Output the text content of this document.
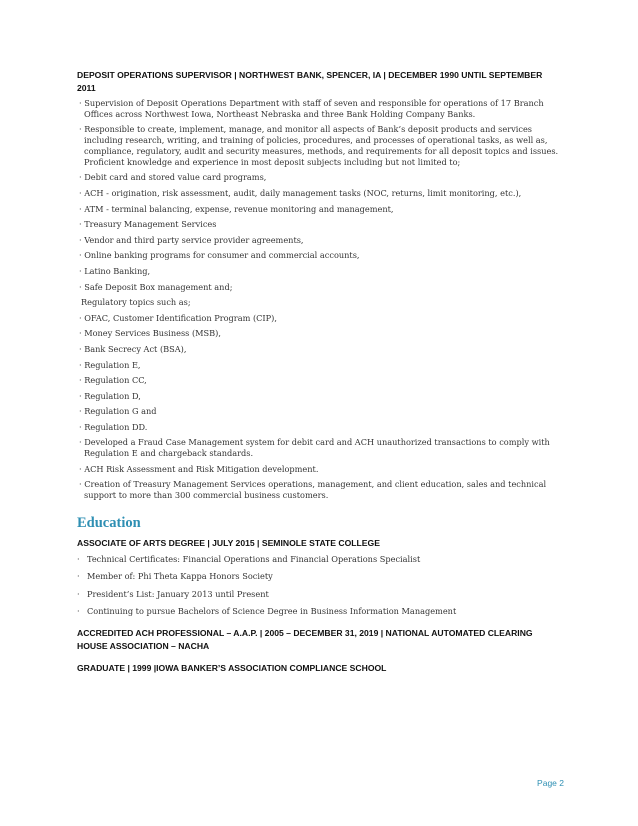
DEPOSIT OPERATIONS SUPERVISOR | NORTHWEST BANK, SPENCER, IA | DECEMBER 1990 UNTIL SEPTEMBER 2011
· Supervision of Deposit Operations Department with staff of seven and responsible for operations of 17 Branch Offices across Northwest Iowa, Northeast Nebraska and three Bank Holding Company Banks.
· Responsible to create, implement, manage, and monitor all aspects of Bank’s deposit products and services including research, writing, and training of policies, procedures, and processes of operational tasks, as well as, compliance, regulatory, audit and security measures, methods, and requirements for all deposit topics and issues. Proficient knowledge and experience in most deposit subjects including but not limited to;
· Debit card and stored value card programs,
· ACH - origination, risk assessment, audit, daily management tasks (NOC, returns, limit monitoring, etc.),
· ATM - terminal balancing, expense, revenue monitoring and management,
· Treasury Management Services
· Vendor and third party service provider agreements,
· Online banking programs for consumer and commercial accounts,
· Latino Banking,
· Safe Deposit Box management and;
Regulatory topics such as;
· OFAC, Customer Identification Program (CIP),
· Money Services Business (MSB),
· Bank Secrecy Act (BSA),
· Regulation E,
· Regulation CC,
· Regulation D,
· Regulation G and
· Regulation DD.
· Developed a Fraud Case Management system for debit card and ACH unauthorized transactions to comply with Regulation E and chargeback standards.
· ACH Risk Assessment and Risk Mitigation development.
· Creation of Treasury Management Services operations, management, and client education, sales and technical support to more than 300 commercial business customers.
Education
ASSOCIATE OF ARTS DEGREE | JULY 2015 | SEMINOLE STATE COLLEGE
· Technical Certificates: Financial Operations and Financial Operations Specialist
· Member of: Phi Theta Kappa Honors Society
· President’s List: January 2013 until Present
· Continuing to pursue Bachelors of Science Degree in Business Information Management
ACCREDITED ACH PROFESSIONAL – A.A.P. | 2005 – DECEMBER 31, 2019 | NATIONAL AUTOMATED CLEARING HOUSE ASSOCIATION – NACHA
GRADUATE | 1999 |IOWA BANKER’S ASSOCIATION COMPLIANCE SCHOOL
Page 2
